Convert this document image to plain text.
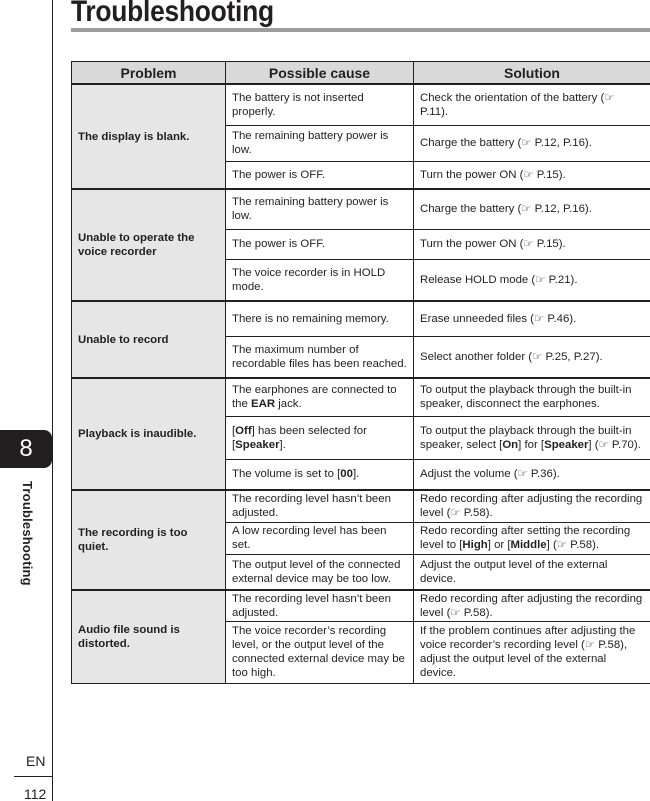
8
Troubleshooting
EN
112
Troubleshooting
Problem	Possible cause	Solution
The display is blank.	The battery is not inserted properly.	Check the orientation of the battery (☞ P.11).
	The remaining battery power is low.	Charge the battery (☞ P.12, P.16).
	The power is OFF.	Turn the power ON (☞ P.15).
Unable to operate the voice recorder	The remaining battery power is low.	Charge the battery (☞ P.12, P.16).
	The power is OFF.	Turn the power ON (☞ P.15).
	The voice recorder is in HOLD mode.	Release HOLD mode (☞ P.21).
Unable to record	There is no remaining memory.	Erase unneeded files (☞ P.46).
	The maximum number of recordable files has been reached.	Select another folder (☞ P.25, P.27).
Playback is inaudible.	The earphones are connected to the EAR jack.	To output the playback through the built-in speaker, disconnect the earphones.
	[Off] has been selected for [Speaker].	To output the playback through the built-in speaker, select [On] for [Speaker] (☞ P.70).
	The volume is set to [00].	Adjust the volume (☞ P.36).
The recording is too quiet.	The recording level hasn’t been adjusted.	Redo recording after adjusting the recording level (☞ P.58).
	A low recording level has been set.	Redo recording after setting the recording level to [High] or [Middle] (☞ P.58).
	The output level of the connected external device may be too low.	Adjust the output level of the external device.
Audio file sound is distorted.	The recording level hasn’t been adjusted.	Redo recording after adjusting the recording level (☞ P.58).
	The voice recorder’s recording level, or the output level of the connected external device may be too high.	If the problem continues after adjusting the voice recorder’s recording level (☞ P.58), adjust the output level of the external device.
